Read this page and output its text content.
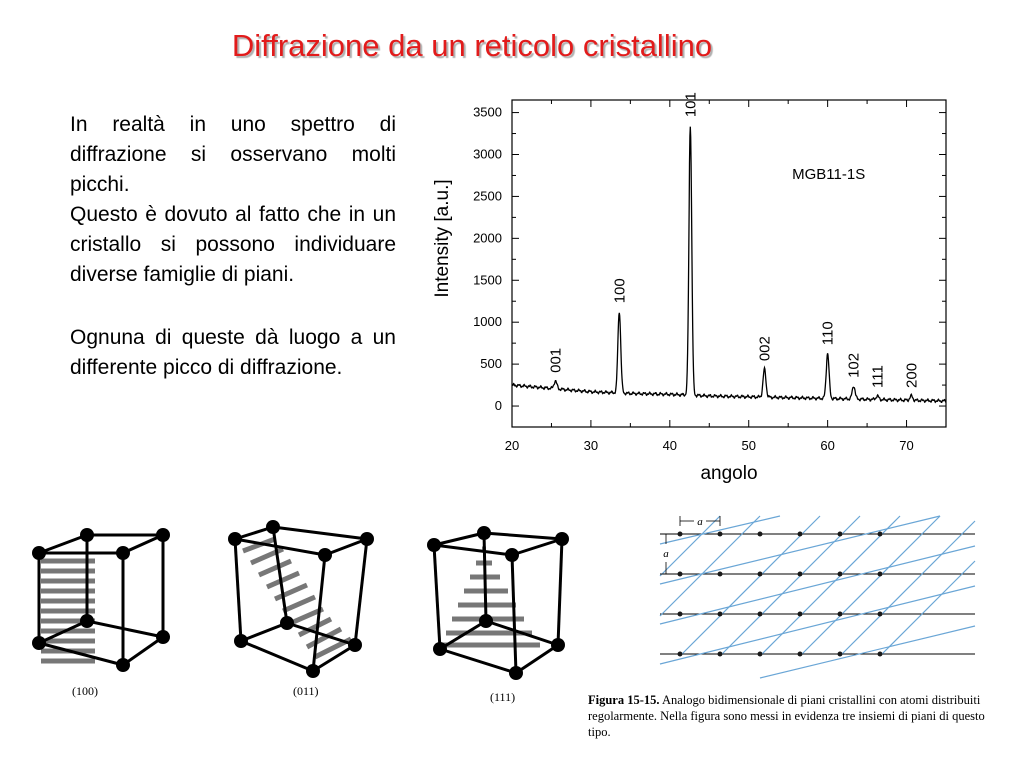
Diffrazione da un reticolo cristallino
In realtà in uno spettro di diffrazione si osservano molti picchi.
Questo è dovuto al fatto che in un cristallo si possono individuare diverse famiglie di piani.
Ognuna di queste dà luogo a un differente picco di diffrazione.
20	30	40	50	60	70
0
500
1000
1500
2000
2500
3000
3500
001
100
101
002
110
102 111 200
MGB11-1S
Intensity [a.u.]
angolo
(100)	(011)	(111)
a
a
Figura 15-15. Analogo bidimensionale di piani cristallini con atomi distribuiti regolarmente. Nella figura sono messi in evidenza tre insiemi di piani di questo tipo.
